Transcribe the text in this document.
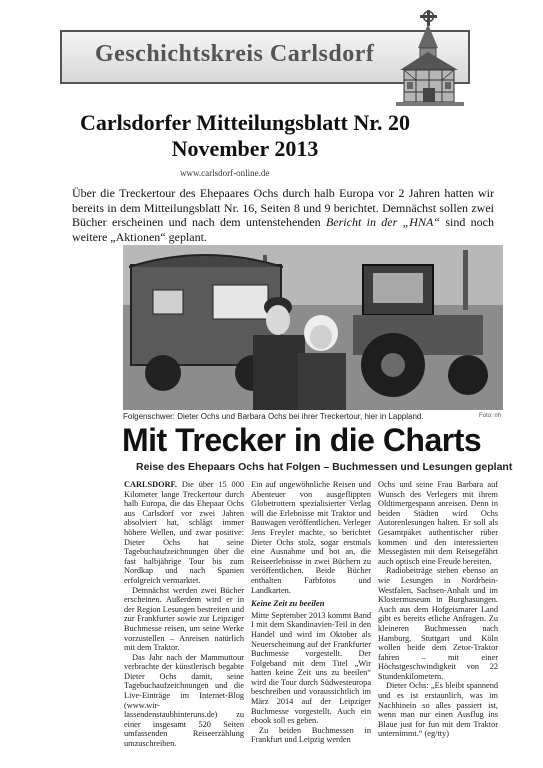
Geschichtskreis Carlsdorf
Carlsdorfer Mitteilungsblatt Nr. 20
November 2013
www.carlsdorf-online.de
Über die Treckertour des Ehepaares Ochs durch halb Europa vor 2 Jahren hatten wir bereits in dem Mitteilungsblatt Nr. 16, Seiten 8 und 9 berichtet. Demnächst sollen zwei Bücher erscheinen und nach dem untenstehenden Bericht in der „HNA“ sind noch weitere „Aktionen“ geplant.
Folgenschwer: Dieter Ochs und Barbara Ochs bei ihrer Treckertour, hier in Lappland.	Foto: nh
Mit Trecker in die Charts
Reise des Ehepaars Ochs hat Folgen – Buchmessen und Lesungen geplant

CARLSDORF. Die über 15 000 Kilometer lange Treckertour durch halb Europa, die das Ehepaar Ochs aus Carlsdorf vor zwei Jahren absolviert hat, schlägt immer höhere Wellen, und zwar positive: Dieter Ochs hat seine Tagebuchaufzeichnungen über die fast halbjährige Tour bis zum Nordkap und nach Spanien erfolgreich vermarktet.

Demnächst werden zwei Bücher erscheinen. Außerdem wird er in der Region Lesungen bestreiten und zur Frankfurter sowie zur Leipziger Buchmesse reisen, um seine Werke vorzustellen – Anreisen natürlich mit dem Traktor.

Das Jahr nach der Mammuttour verbrachte der künstlerisch begabte Dieter Ochs damit, seine Tagebuchaufzeichnungen und die Live-Einträge im Internet-Blog (www.wir-lassendenstaubhinteruns.de) zu einer insgesamt 520 Seiten umfassenden Reiseerzählung umzuschreiben.

Ein auf ungewöhnliche Reisen und Abenteuer von ausgeflippten Globetrottern spezialisierter Verlag will die Erlebnisse mit Traktor und Bauwagen veröffentlichen. Verleger Jens Freyler machte, so berichtet Dieter Ochs stolz, sogar erstmals eine Ausnahme und bot an, die Reiseerlebnisse in zwei Büchern zu veröffentlichen. Beide Bücher enthalten Farbfotos und Landkarten.

Keine Zeit zu beeilen

Mitte September 2013 kommt Band I mit dem Skandinavien-Teil in den Handel und wird im Oktober als Neuerscheinung auf der Frankfurter Buchmesse vorgestellt. Der Folgeband mit dem Titel „Wir hatten keine Zeit uns zu beeilen“ wird die Tour durch Südwesteuropa beschreiben und voraussichtlich im März 2014 auf der Leipziger Buchmesse vorgestellt. Auch ein ebook soll es geben.

Zu beiden Buchmessen in Frankfurt und Leipzig werden

Ochs und seine Frau Barbara auf Wunsch des Verlegers mit ihrem Oldtimergespann anreisen. Denn in beiden Städten wird Ochs Autorenlesungen halten. Er soll als Gesamtpaket authentischer rüber kommen und den interessierten Messegästen mit dem Reisegefährt auch optisch eine Freude bereiten.

Radiobeiträge stehen ebenso an wie Lesungen in Nordrhein-Westfalen, Sachsen-Anhalt und im Klostermuseum in Burghasungen. Auch aus dem Hofgeismarer Land gibt es bereits etliche Anfragen. Zu kleineren Buchmessen nach Hamburg, Stuttgart und Köln wollen beide dem Zetor-Traktor fahren – mit einer Höchstgeschwindigkeit von 22 Stundenkilometern.

Dieter Ochs: „Es bleibt spannend und es ist erstaunlich, was im Nachhinein so alles passiert ist, wenn man nur einen Ausflug ins Blaue just for fun mit dem Traktor unternimmt.“ (eg/tty)
